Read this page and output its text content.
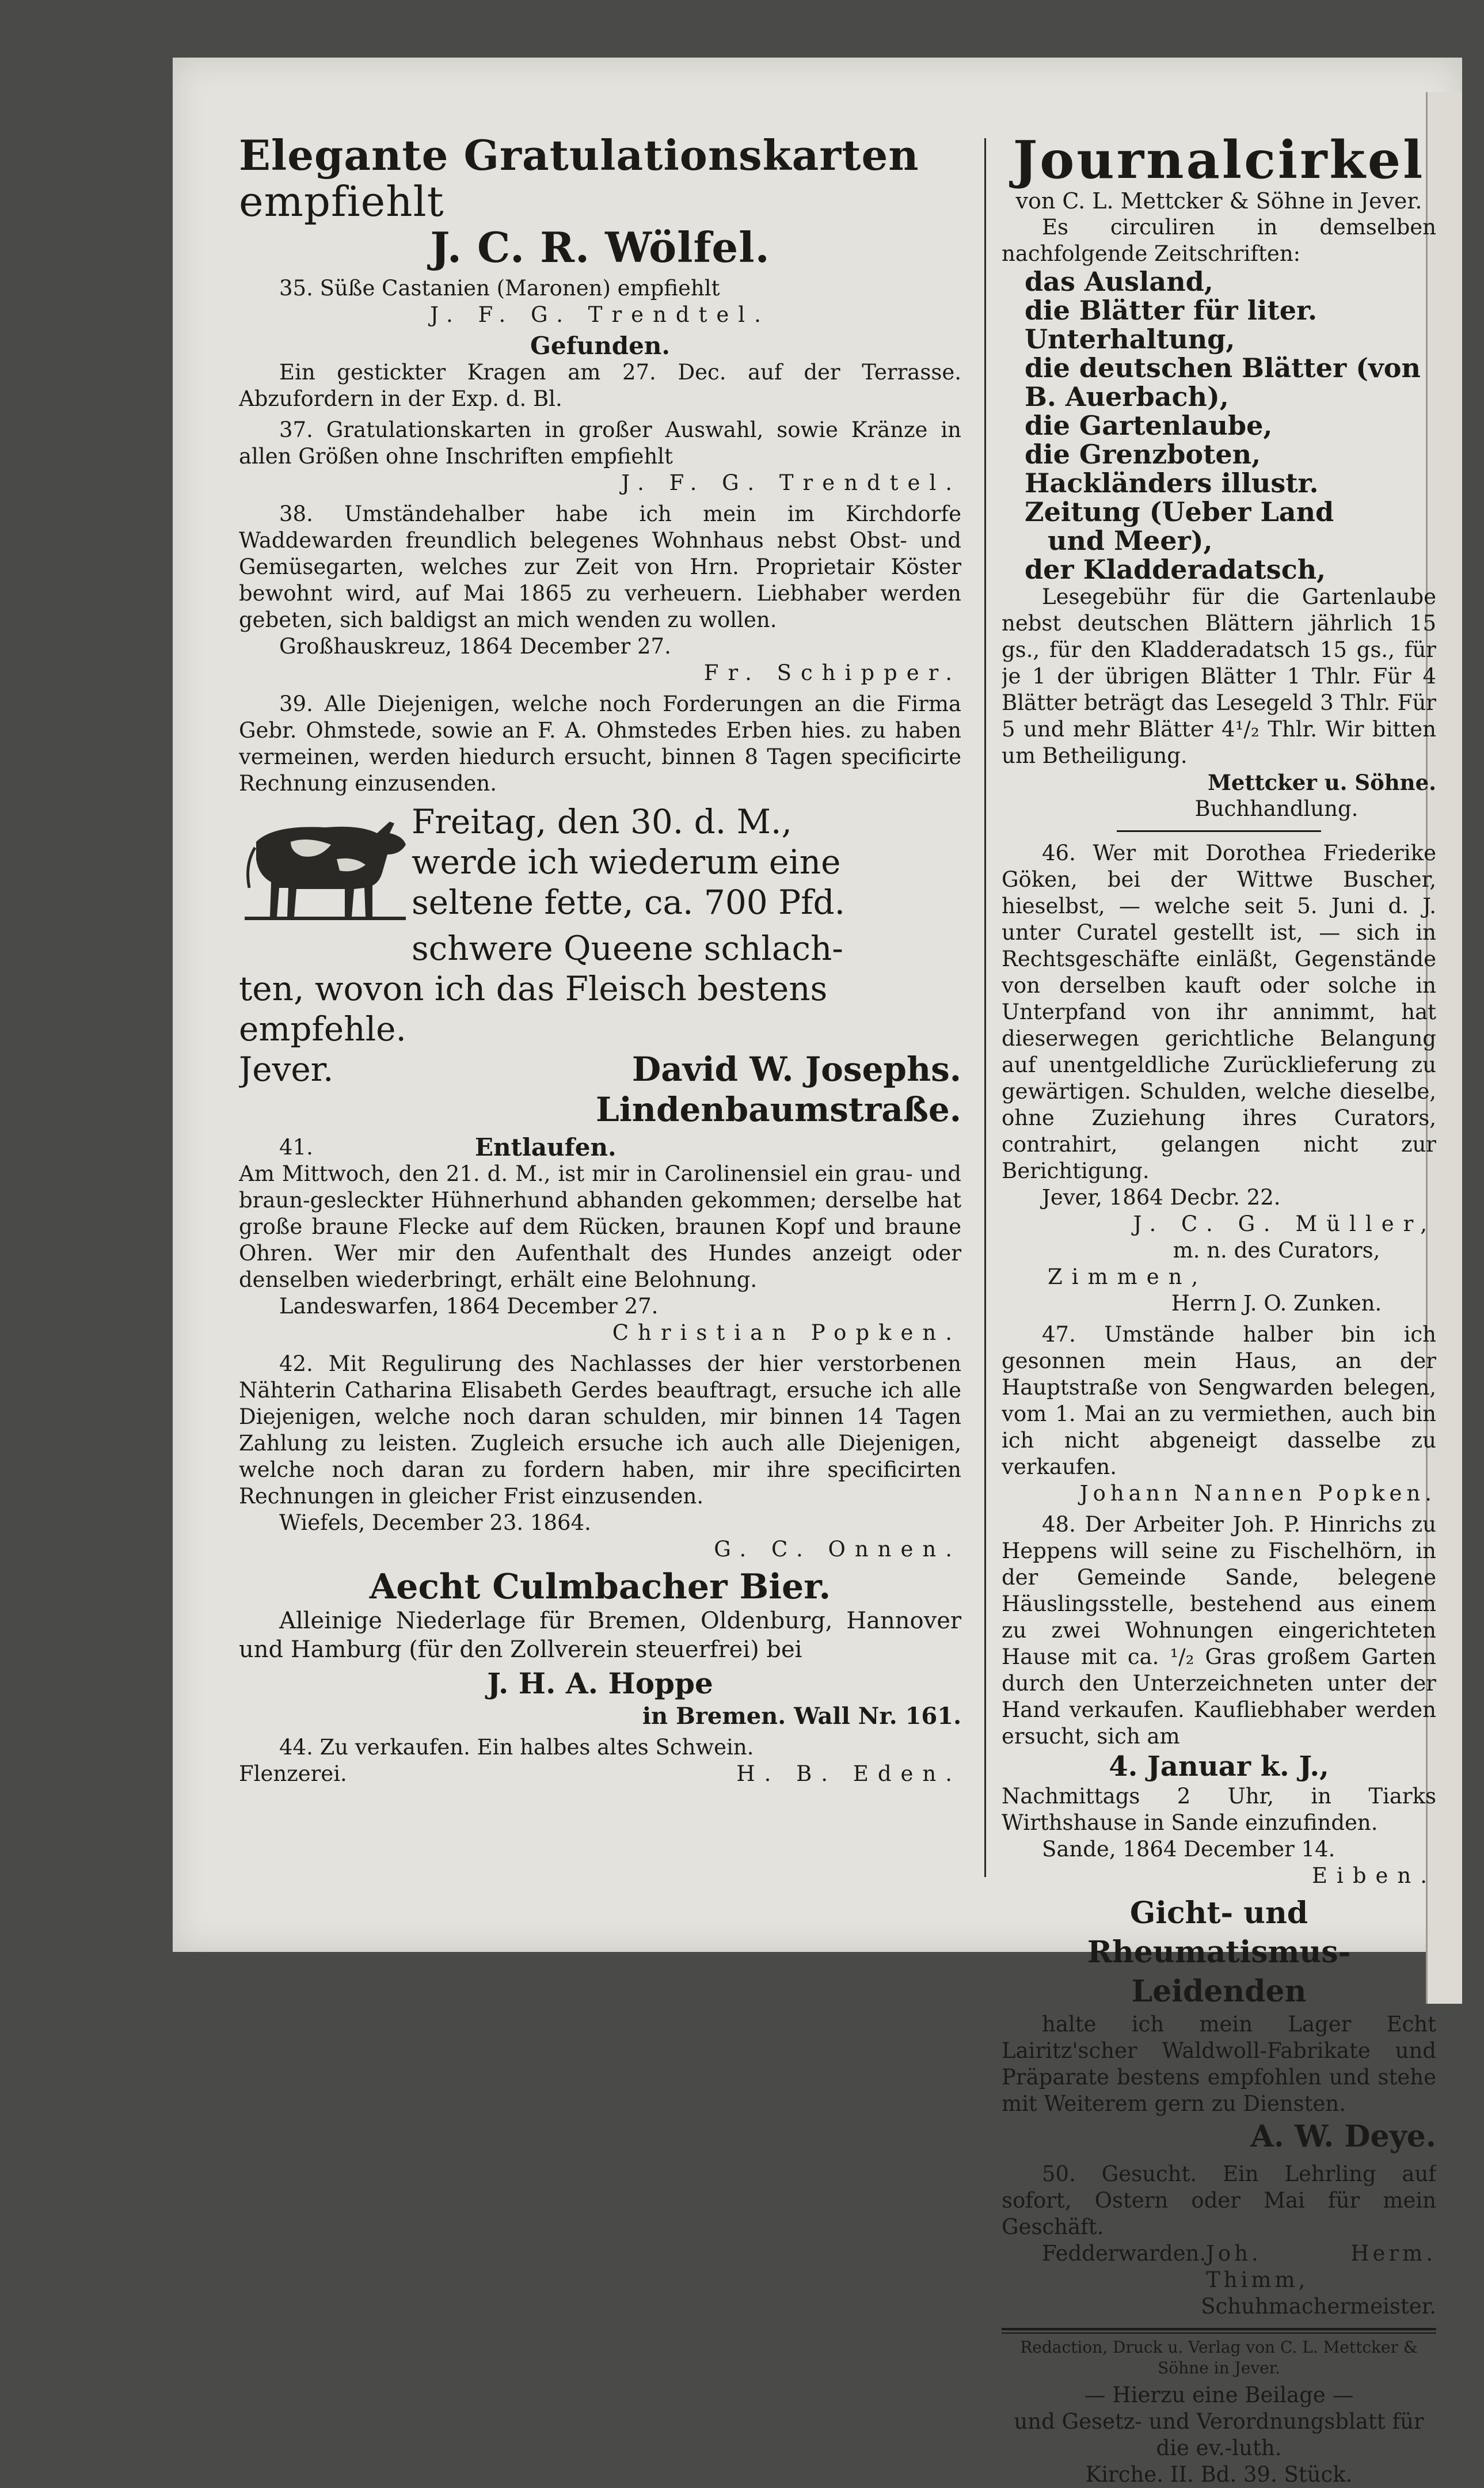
Elegante Gratulationskarten

empfiehlt

J. C. R. Wölfel.

35. Süße Castanien (Maronen) empfiehlt

J. F. G. Trendtel.

Gefunden.

Ein gestickter Kragen am 27. Dec. auf der Terrasse. Abzufordern in der Exp. d. Bl.

37. Gratulationskarten in großer Auswahl, sowie Kränze in allen Größen ohne Inschriften empfiehlt

J. F. G. Trendtel.

38. Umständehalber habe ich mein im Kirchdorfe Waddewarden freundlich belegenes Wohnhaus nebst Obst- und Gemüsegarten, welches zur Zeit von Hrn. Proprietair Köster bewohnt wird, auf Mai 1865 zu verheuern. Liebhaber werden gebeten, sich baldigst an mich wenden zu wollen.

Großhauskreuz, 1864 December 27.

Fr. Schipper.

39. Alle Diejenigen, welche noch Forderungen an die Firma Gebr. Ohmstede, sowie an F. A. Ohmstedes Erben hies. zu haben vermeinen, werden hiedurch ersucht, binnen 8 Tagen specificirte Rechnung einzusenden.

Freitag, den 30. d. M.,

werde ich wiederum eine

seltene fette, ca. 700 Pfd.

schwere Queene schlach-

ten, wovon ich das Fleisch bestens

empfehle.

Jever.	David W. Josephs.

Lindenbaumstraße.

41.	Entlaufen.

Am Mittwoch, den 21. d. M., ist mir in Carolinensiel ein grau- und braun-gesleckter Hühnerhund abhanden gekommen; derselbe hat große braune Flecke auf dem Rücken, braunen Kopf und braune Ohren. Wer mir den Aufenthalt des Hundes anzeigt oder denselben wiederbringt, erhält eine Belohnung.

Landeswarfen, 1864 December 27.

Christian Popken.

42. Mit Regulirung des Nachlasses der hier verstorbenen Nähterin Catharina Elisabeth Gerdes beauftragt, ersuche ich alle Diejenigen, welche noch daran schulden, mir binnen 14 Tagen Zahlung zu leisten. Zugleich ersuche ich auch alle Diejenigen, welche noch daran zu fordern haben, mir ihre specificirten Rechnungen in gleicher Frist einzusenden.

Wiefels, December 23. 1864.

G. C. Onnen.

Aecht Culmbacher Bier.

Alleinige Niederlage für Bremen, Oldenburg, Hannover und Hamburg (für den Zollverein steuerfrei) bei

J. H. A. Hoppe

in Bremen. Wall Nr. 161.

44. Zu verkaufen. Ein halbes altes Schwein.

Flenzerei.	H. B. Eden.

Journalcirkel

von C. L. Mettcker & Söhne in Jever.

Es circuliren in demselben nachfolgende Zeitschriften:

das Ausland,

die Blätter für liter. Unterhaltung,

die deutschen Blätter (von B. Auerbach),

die Gartenlaube,

die Grenzboten,

Hackländers illustr. Zeitung (Ueber Land

und Meer),

der Kladderadatsch,

Lesegebühr für die Gartenlaube nebst deutschen Blättern jährlich 15 gs., für den Kladderadatsch 15 gs., für je 1 der übrigen Blätter 1 Thlr. Für 4 Blätter beträgt das Lesegeld 3 Thlr. Für 5 und mehr Blätter 4¹/₂ Thlr. Wir bitten um Betheiligung.

Mettcker u. Söhne.

Buchhandlung.

46. Wer mit Dorothea Friederike Göken, bei der Wittwe Buscher, hieselbst, — welche seit 5. Juni d. J. unter Curatel gestellt ist, — sich in Rechtsgeschäfte einläßt, Gegenstände von derselben kauft oder solche in Unterpfand von ihr annimmt, hat dieserwegen gerichtliche Belangung auf unentgeldliche Zurücklieferung zu gewärtigen. Schulden, welche dieselbe, ohne Zuziehung ihres Curators, contrahirt, gelangen nicht zur Berichtigung.

Jever, 1864 Decbr. 22.

J. C. G. Müller,

m. n. des Curators,

Zimmen,

Herrn J. O. Zunken.

47. Umstände halber bin ich gesonnen mein Haus, an der Hauptstraße von Sengwarden belegen, vom 1. Mai an zu vermiethen, auch bin ich nicht abgeneigt dasselbe zu verkaufen.

Johann Nannen Popken.

48. Der Arbeiter Joh. P. Hinrichs zu Heppens will seine zu Fischelhörn, in der Gemeinde Sande, belegene Häuslingsstelle, bestehend aus einem zu zwei Wohnungen eingerichteten Hause mit ca. ¹/₂ Gras großem Garten durch den Unterzeichneten unter der Hand verkaufen. Kaufliebhaber werden ersucht, sich am

4. Januar k. J.,

Nachmittags 2 Uhr, in Tiarks Wirthshause in Sande einzufinden.

Sande, 1864 December 14.

Eiben.

Gicht- und Rheumatismus-

Leidenden

halte ich mein Lager Echt Lairitz'scher Waldwoll-Fabrikate und Präparate bestens empfohlen und stehe mit Weiterem gern zu Diensten.

A. W. Deye.

50. Gesucht. Ein Lehrling auf sofort, Ostern oder Mai für mein Geschäft.

Fedderwarden. Joh. Herm. Thimm,

Schuhmachermeister.

Redaction, Druck u. Verlag von C. L. Mettcker & Söhne in Jever.

— Hierzu eine Beilage —

und Gesetz- und Verordnungsblatt für die ev.-luth.

Kirche. II. Bd. 39. Stück.
